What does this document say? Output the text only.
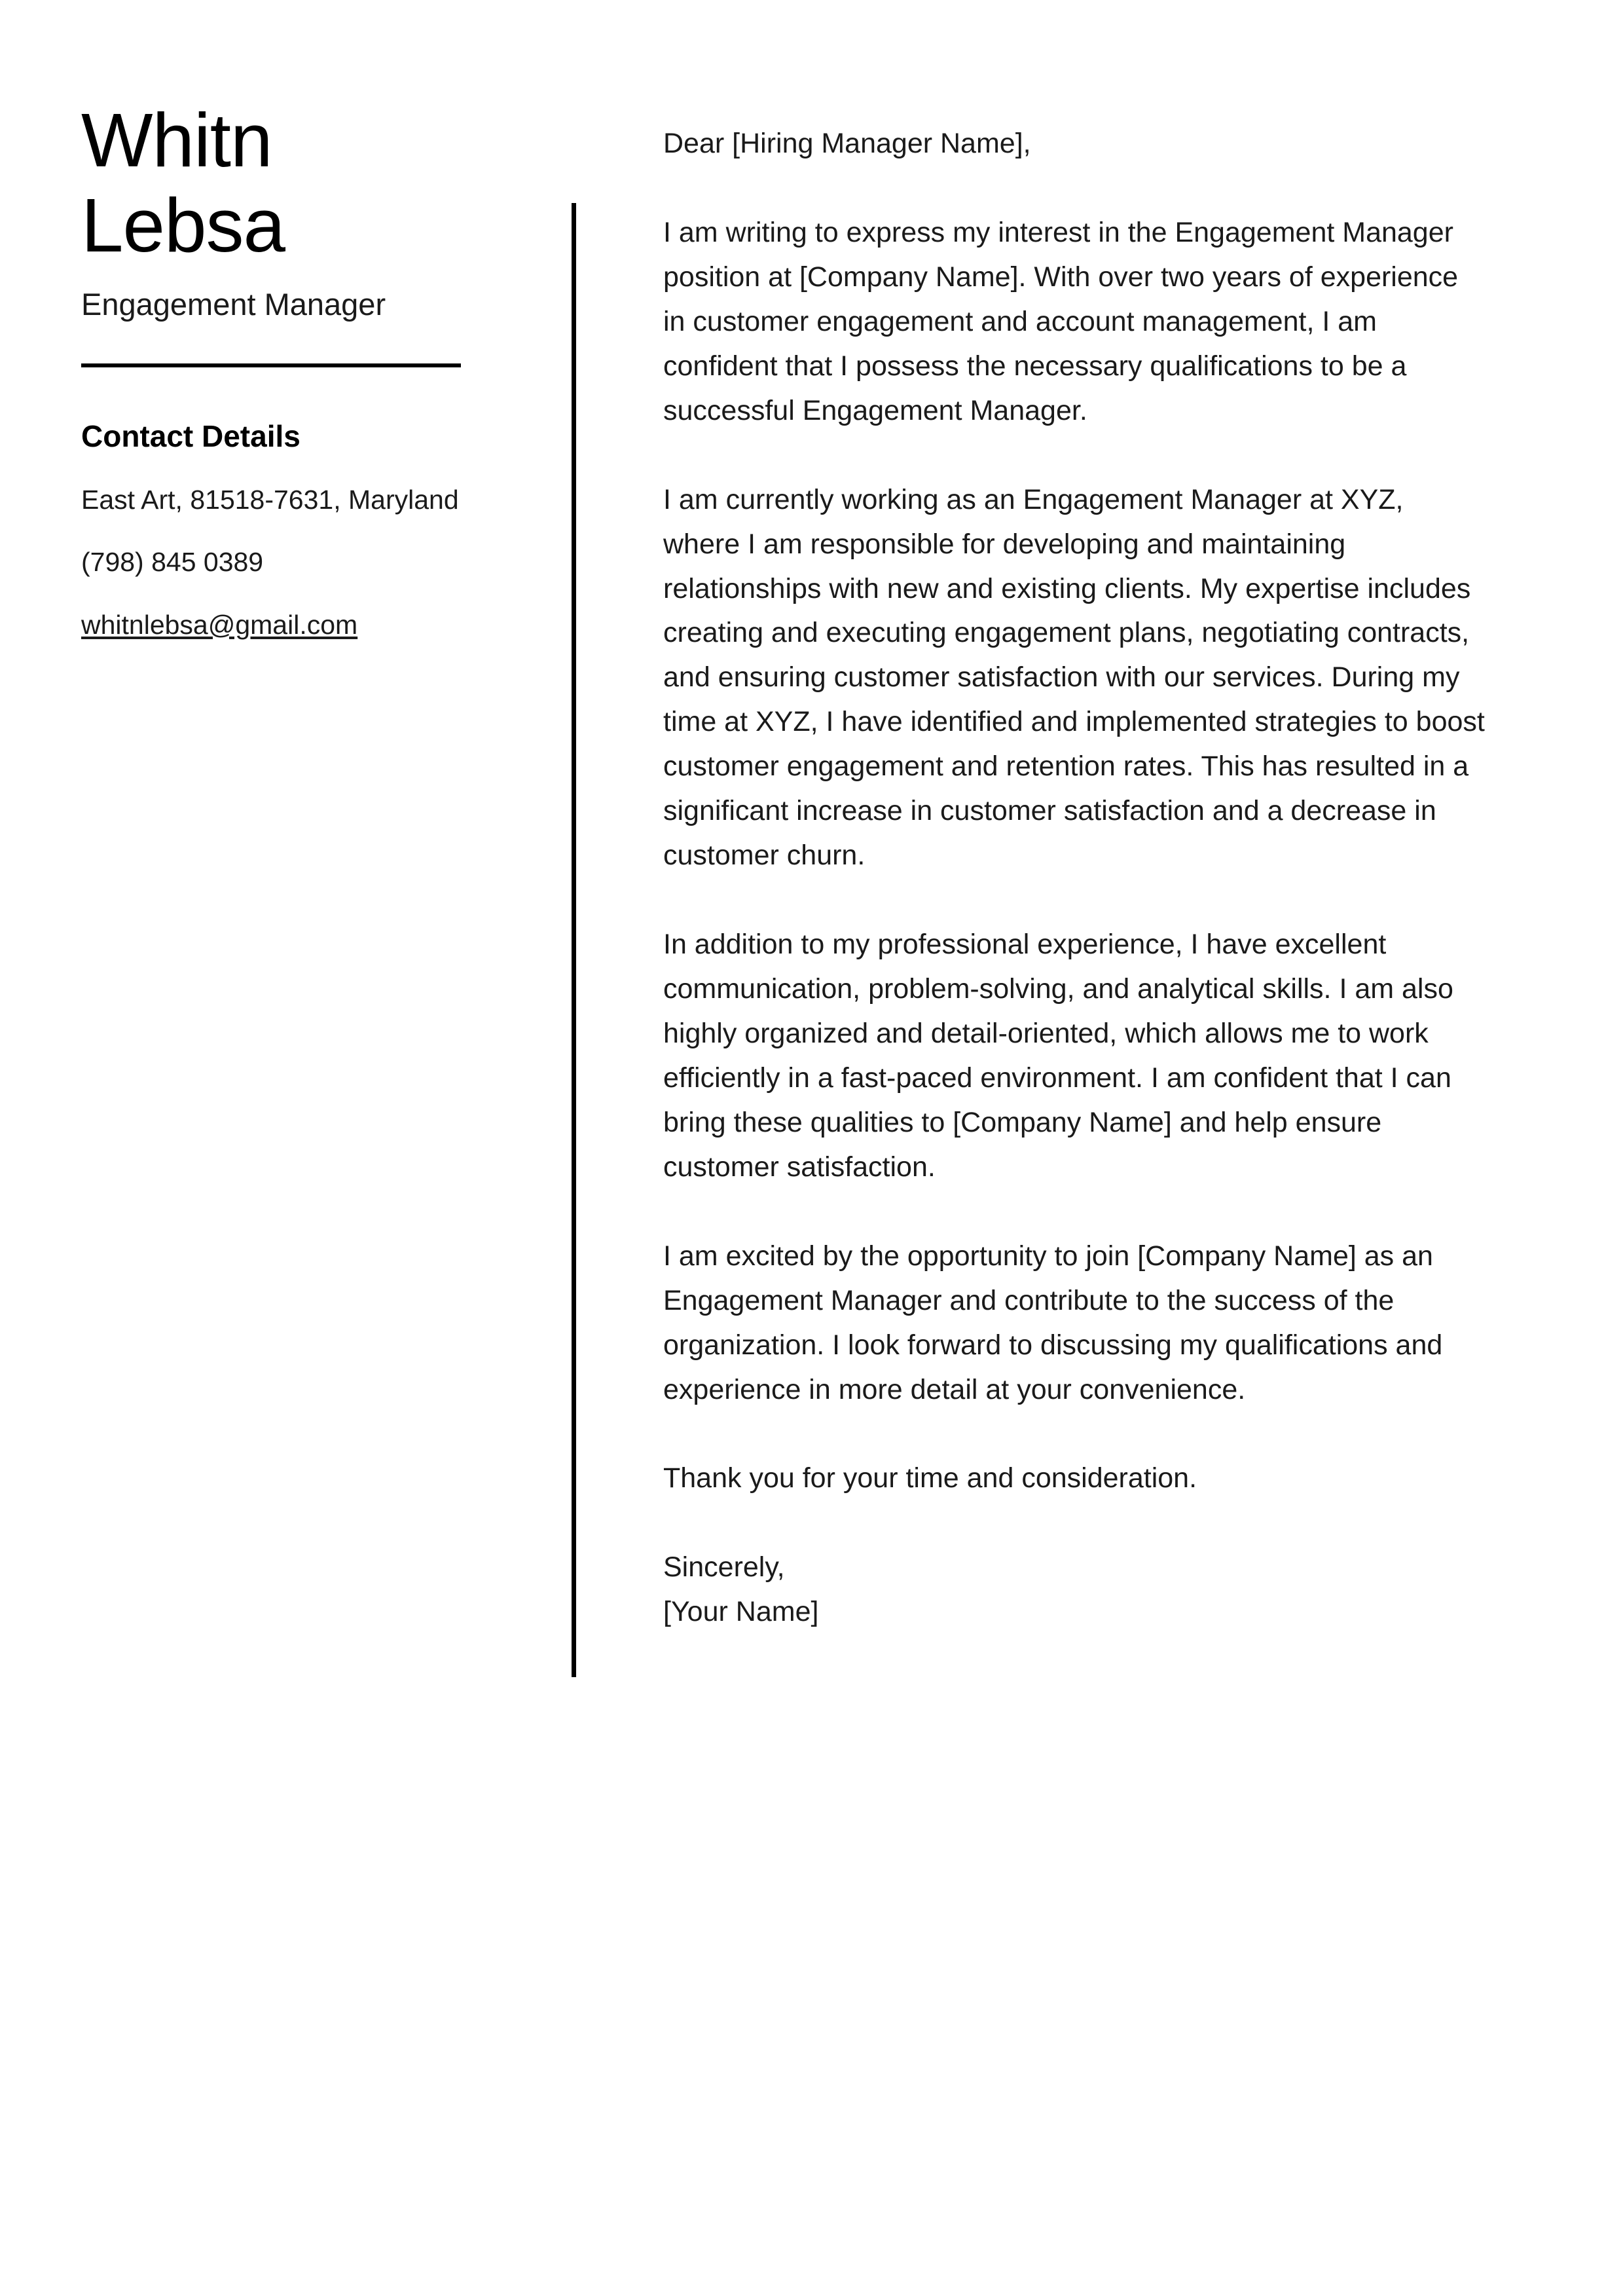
Whitn
Lebsa
Engagement Manager
Contact Details
East Art, 81518-7631, Maryland
(798) 845 0389
whitnlebsa@gmail.com

Dear [Hiring Manager Name],

I am writing to express my interest in the Engagement Manager position at [Company Name]. With over two years of experience in customer engagement and account management, I am confident that I possess the necessary qualifications to be a successful Engagement Manager.

I am currently working as an Engagement Manager at XYZ, where I am responsible for developing and maintaining relationships with new and existing clients. My expertise includes creating and executing engagement plans, negotiating contracts, and ensuring customer satisfaction with our services. During my time at XYZ, I have identified and implemented strategies to boost customer engagement and retention rates. This has resulted in a significant increase in customer satisfaction and a decrease in customer churn.

In addition to my professional experience, I have excellent communication, problem-solving, and analytical skills. I am also highly organized and detail-oriented, which allows me to work efficiently in a fast-paced environment. I am confident that I can bring these qualities to [Company Name] and help ensure customer satisfaction.

I am excited by the opportunity to join [Company Name] as an Engagement Manager and contribute to the success of the organization. I look forward to discussing my qualifications and experience in more detail at your convenience.

Thank you for your time and consideration.

Sincerely,

[Your Name]
